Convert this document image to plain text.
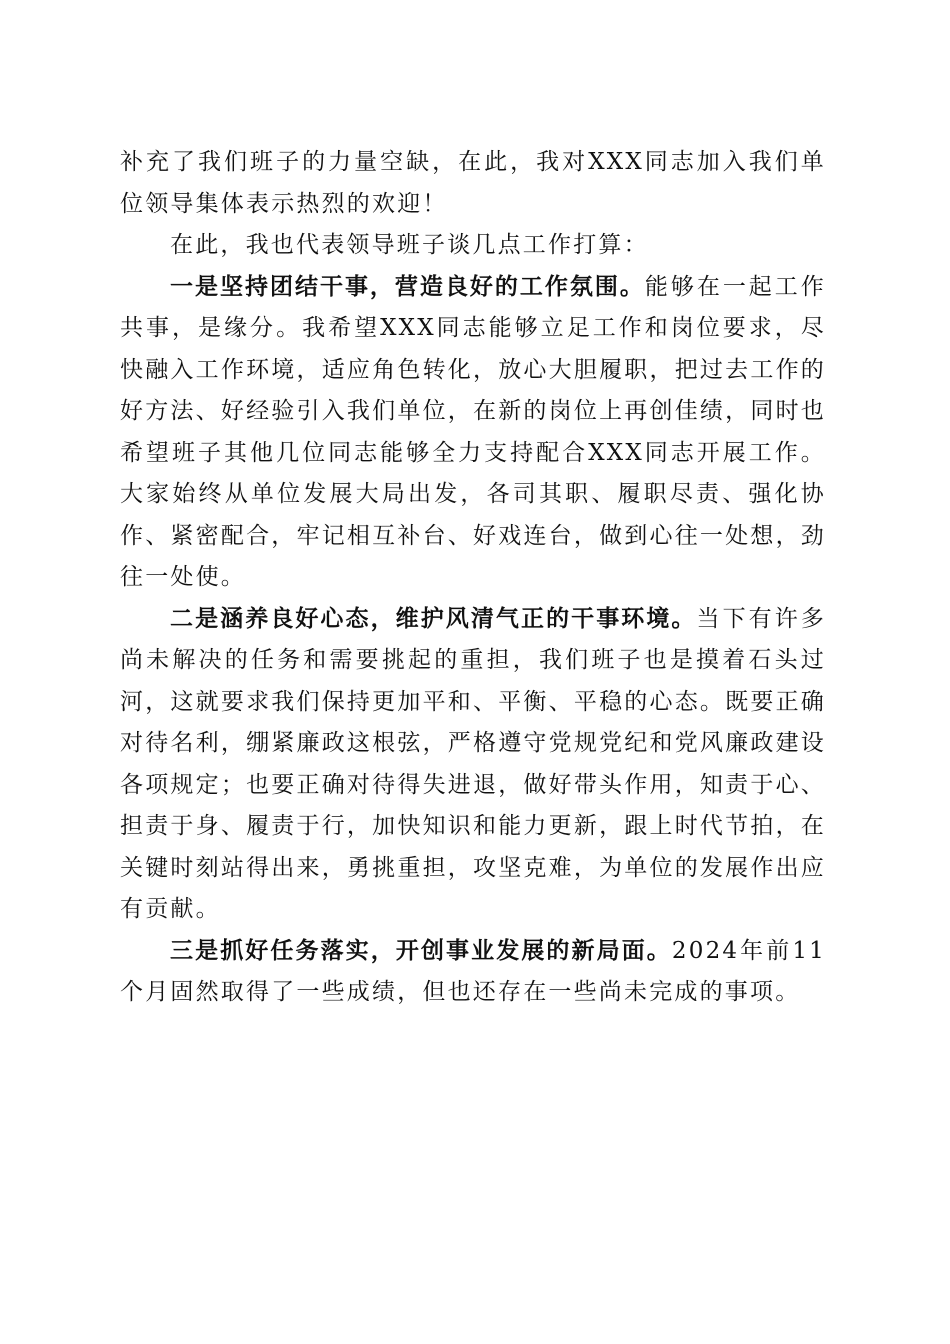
补充了我们班子的力量空缺，在此，我对XXX同志加入我们单位领导集体表示热烈的欢迎！

在此，我也代表领导班子谈几点工作打算：

一是坚持团结干事，营造良好的工作氛围。能够在一起工作共事，是缘分。我希望XXX同志能够立足工作和岗位要求，尽快融入工作环境，适应角色转化，放心大胆履职，把过去工作的好方法、好经验引入我们单位，在新的岗位上再创佳绩，同时也希望班子其他几位同志能够全力支持配合XXX同志开展工作。大家始终从单位发展大局出发，各司其职、履职尽责、强化协作、紧密配合，牢记相互补台、好戏连台，做到心往一处想，劲往一处使。

二是涵养良好心态，维护风清气正的干事环境。当下有许多尚未解决的任务和需要挑起的重担，我们班子也是摸着石头过河，这就要求我们保持更加平和、平衡、平稳的心态。既要正确对待名利，绷紧廉政这根弦，严格遵守党规党纪和党风廉政建设各项规定；也要正确对待得失进退，做好带头作用，知责于心、担责于身、履责于行，加快知识和能力更新，跟上时代节拍，在关键时刻站得出来，勇挑重担，攻坚克难，为单位的发展作出应有贡献。

三是抓好任务落实，开创事业发展的新局面。2024年前11个月固然取得了一些成绩，但也还存在一些尚未完成的事项。
